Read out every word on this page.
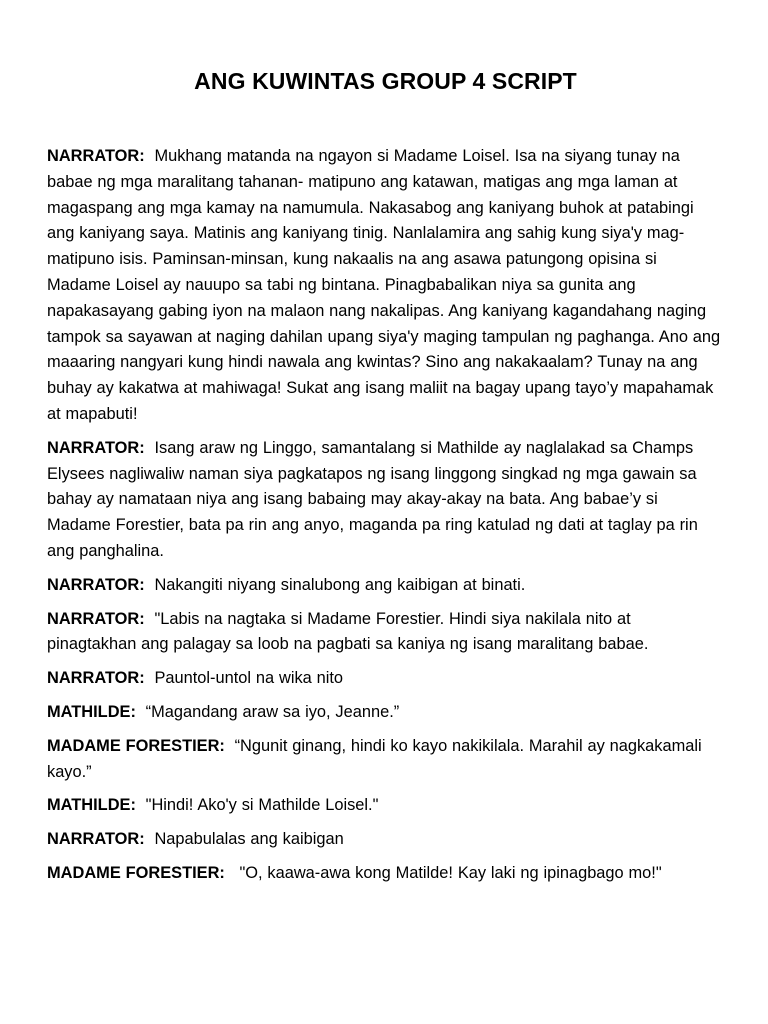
ANG KUWINTAS GROUP 4 SCRIPT

NARRATOR: Mukhang matanda na ngayon si Madame Loisel. Isa na siyang tunay na babae ng mga maralitang tahanan- matipuno ang katawan, matigas ang mga laman at magaspang ang mga kamay na namumula. Nakasabog ang kaniyang buhok at patabingi ang kaniyang saya. Matinis ang kaniyang tinig. Nanlalamira ang sahig kung siya'y mag- matipuno isis. Paminsan-minsan, kung nakaalis na ang asawa patungong opisina si Madame Loisel ay nauupo sa tabi ng bintana. Pinagbabalikan niya sa gunita ang napakasayang gabing iyon na malaon nang nakalipas. Ang kaniyang kagandahang naging tampok sa sayawan at naging dahilan upang siya'y maging tampulan ng paghanga. Ano ang maaaring nangyari kung hindi nawala ang kwintas? Sino ang nakakaalam? Tunay na ang buhay ay kakatwa at mahiwaga! Sukat ang isang maliit na bagay upang tayo’y mapahamak at mapabuti!

NARRATOR: Isang araw ng Linggo, samantalang si Mathilde ay naglalakad sa Champs Elysees nagliwaliw naman siya pagkatapos ng isang linggong singkad ng mga gawain sa bahay ay namataan niya ang isang babaing may akay-akay na bata. Ang babae’y si Madame Forestier, bata pa rin ang anyo, maganda pa ring katulad ng dati at taglay pa rin ang panghalina.

NARRATOR: Nakangiti niyang sinalubong ang kaibigan at binati.

NARRATOR: "Labis na nagtaka si Madame Forestier. Hindi siya nakilala nito at pinagtakhan ang palagay sa loob na pagbati sa kaniya ng isang maralitang babae.

NARRATOR: Pauntol-untol na wika nito

MATHILDE: “Magandang araw sa iyo, Jeanne.”

MADAME FORESTIER: “Ngunit ginang, hindi ko kayo nakikilala. Marahil ay nagkakamali kayo.”

MATHILDE: "Hindi! Ako'y si Mathilde Loisel."

NARRATOR: Napabulalas ang kaibigan

MADAME FORESTIER: "O, kaawa-awa kong Matilde! Kay laki ng ipinagbago mo!"
